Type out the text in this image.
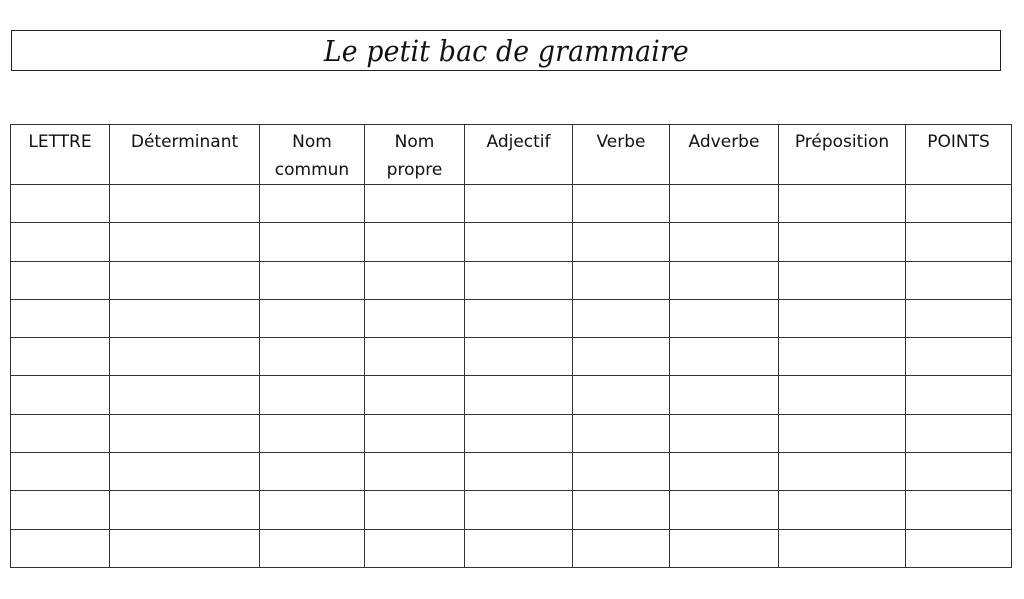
Le petit bac de grammaire
LETTRE	Déterminant	Nom commun	Nom propre	Adjectif	Verbe	Adverbe	Préposition	POINTS
